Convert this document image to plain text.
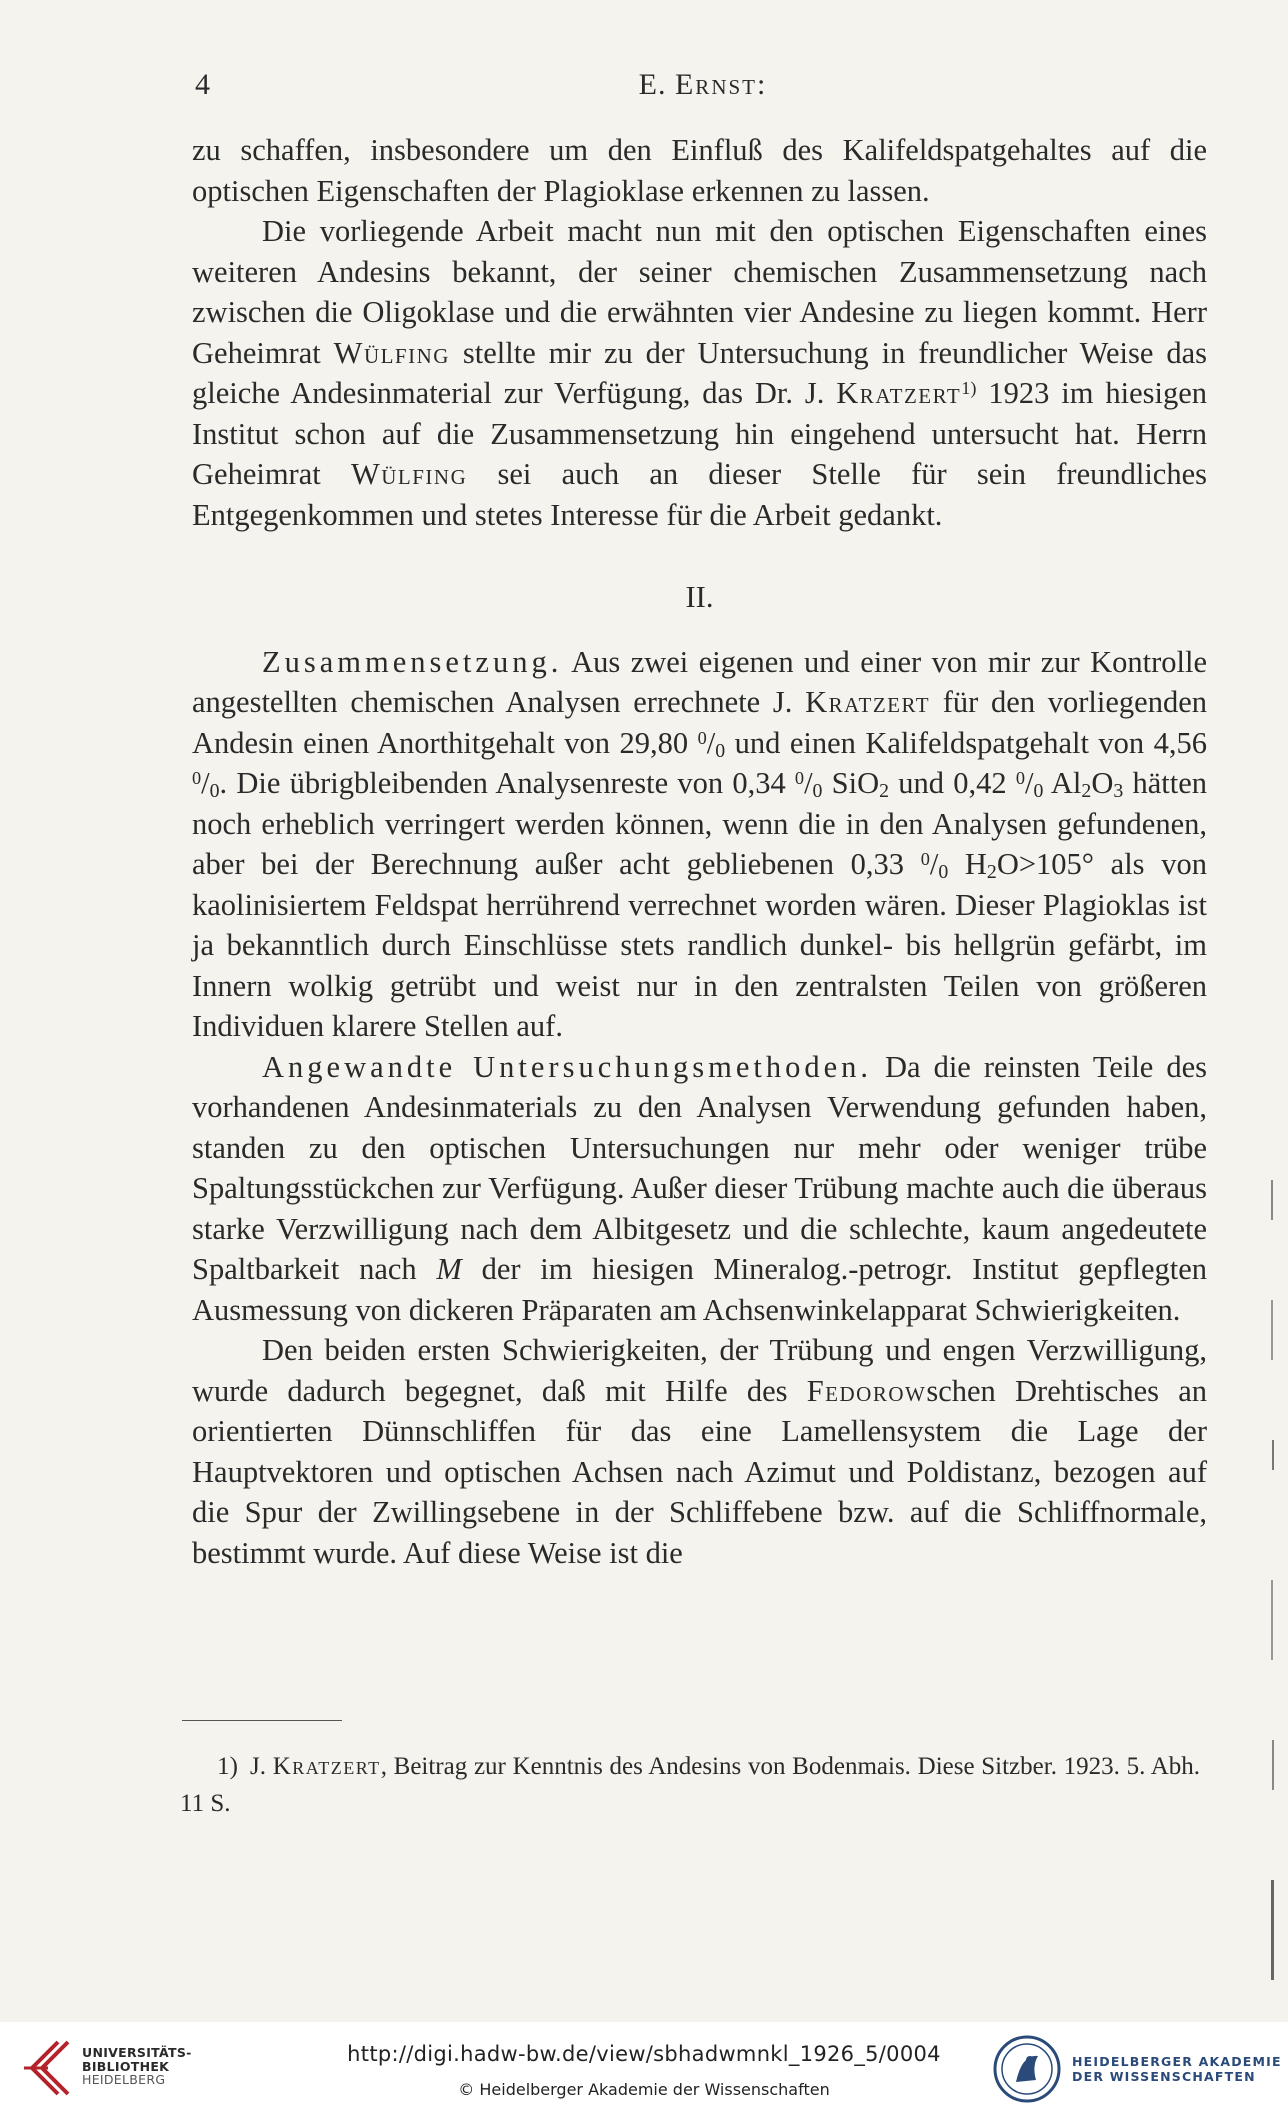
4	E. Ernst:

zu schaffen, insbesondere um den Einfluß des Kalifeldspatgehaltes auf die optischen Eigenschaften der Plagioklase erkennen zu lassen.

Die vorliegende Arbeit macht nun mit den optischen Eigenschaften eines weiteren Andesins bekannt, der seiner chemischen Zusammensetzung nach zwischen die Oligoklase und die erwähnten vier Andesine zu liegen kommt. Herr Geheimrat Wülfing stellte mir zu der Untersuchung in freundlicher Weise das gleiche Andesinmaterial zur Verfügung, das Dr. J. Kratzert$^{1)}$ 1923 im hiesigen Institut schon auf die Zusammensetzung hin eingehend untersucht hat. Herrn Geheimrat Wülfing sei auch an dieser Stelle für sein freundliches Entgegenkommen und stetes Interesse für die Arbeit gedankt.

II.

Zusammensetzung. Aus zwei eigenen und einer von mir zur Kontrolle angestellten chemischen Analysen errechnete J. Kratzert für den vorliegenden Andesin einen Anorthitgehalt von 29,80 $^0/_0$ und einen Kalifeldspatgehalt von 4,56 $^0/_0$. Die übrigbleibenden Analysenreste von 0,34 $^0/_0$ SiO$_2$ und 0,42 $^0/_0$ $Al_2O_3$ hätten noch erheblich verringert werden können, wenn die in den Analysen gefundenen, aber bei der Berechnung außer acht gebliebenen 0,33 $^0/_0$ $H_2O>105^\circ$ als von kaolinisiertem Feldspat herrührend verrechnet worden wären. Dieser Plagioklas ist ja bekanntlich durch Einschlüsse stets randlich dunkel- bis hellgrün gefärbt, im Innern wolkig getrübt und weist nur in den zentralsten Teilen von größeren Individuen klarere Stellen auf.

Angewandte Untersuchungsmethoden. Da die reinsten Teile des vorhandenen Andesinmaterials zu den Analysen Verwendung gefunden haben, standen zu den optischen Untersuchungen nur mehr oder weniger trübe Spaltungsstückchen zur Verfügung. Außer dieser Trübung machte auch die überaus starke Verzwilligung nach dem Albitgesetz und die schlechte, kaum angedeutete Spaltbarkeit nach M der im hiesigen Mineralog.-petrogr. Institut gepflegten Ausmessung von dickeren Präparaten am Achsenwinkelapparat Schwierigkeiten.

Den beiden ersten Schwierigkeiten, der Trübung und engen Verzwilligung, wurde dadurch begegnet, daß mit Hilfe des Fedorowschen Drehtisches an orientierten Dünnschliffen für das eine Lamellensystem die Lage der Hauptvektoren und optischen Achsen nach Azimut und Poldistanz, bezogen auf die Spur der Zwillingsebene in der Schliffebene bzw. auf die Schliffnormale, bestimmt wurde. Auf diese Weise ist die

1) J. Kratzert, Beitrag zur Kenntnis des Andesins von Bodenmais. Diese Sitzber. 1923. 5. Abh. 11 S.
UNIVERSITÄTS-
BIBLIOTHEK
HEIDELBERG
http://digi.hadw-bw.de/view/sbhadwmnkl_1926_5/0004
© Heidelberger Akademie der Wissenschaften
HEIDELBERGER AKADEMIE
DER WISSENSCHAFTEN
